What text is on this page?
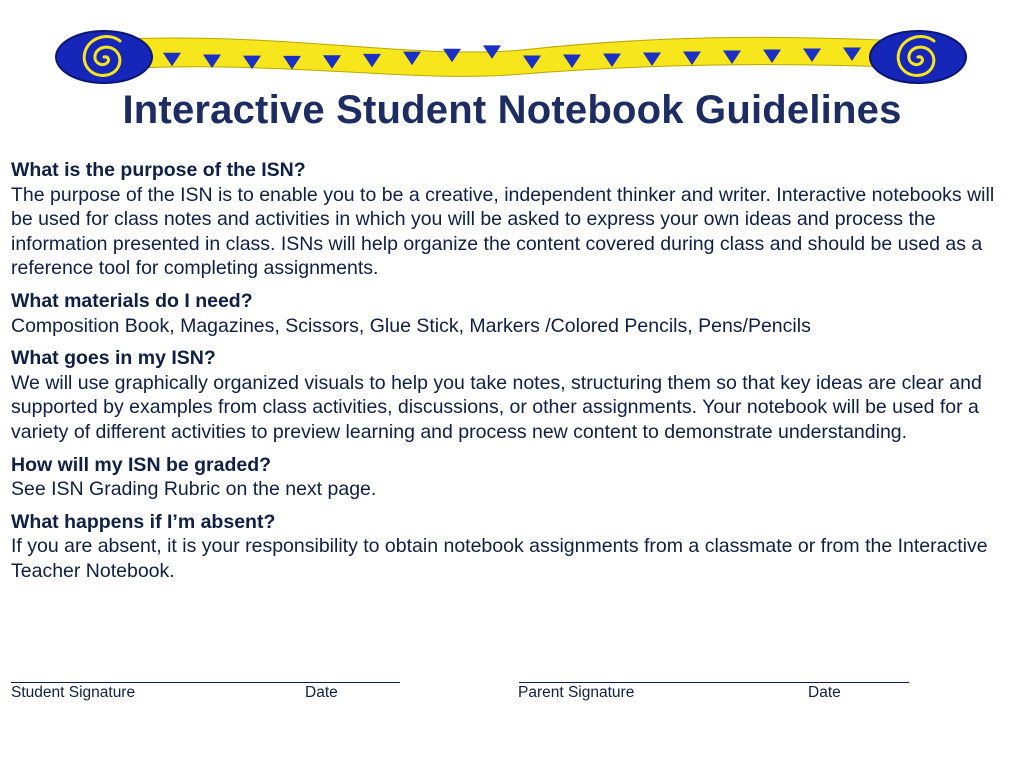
Interactive Student Notebook Guidelines
What is the purpose of the ISN?
The purpose of the ISN is to enable you to be a creative, independent thinker and writer. Interactive notebooks will be used for class notes and activities in which you will be asked to express your own ideas and process the information presented in class. ISNs will help organize the content covered during class and should be used as a reference tool for completing assignments.
What materials do I need?
Composition Book, Magazines, Scissors, Glue Stick, Markers /Colored Pencils, Pens/Pencils
What goes in my ISN?
We will use graphically organized visuals to help you take notes, structuring them so that key ideas are clear and supported by examples from class activities, discussions, or other assignments. Your notebook will be used for a variety of different activities to preview learning and process new content to demonstrate understanding.
How will my ISN be graded?
See ISN Grading Rubric on the next page.
What happens if I’m absent?
If you are absent, it is your responsibility to obtain notebook assignments from a classmate or from the Interactive Teacher Notebook.
Student Signature	Date	Parent Signature	Date
